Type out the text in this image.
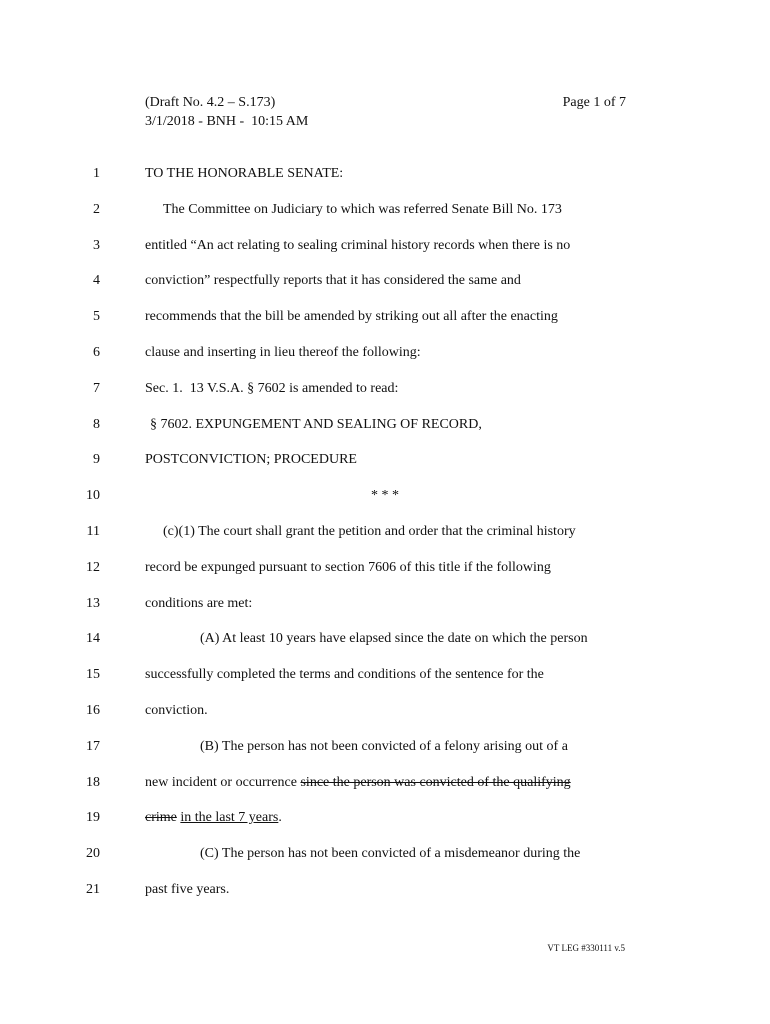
(Draft No. 4.2 – S.173)
3/1/2018 - BNH -  10:15 AM
Page 1 of 7
1	TO THE HONORABLE SENATE:
2	The Committee on Judiciary to which was referred Senate Bill No. 173
3	entitled “An act relating to sealing criminal history records when there is no
4	conviction” respectfully reports that it has considered the same and
5	recommends that the bill be amended by striking out all after the enacting
6	clause and inserting in lieu thereof the following:
7	Sec. 1.  13 V.S.A. § 7602 is amended to read:
8	§ 7602. EXPUNGEMENT AND SEALING OF RECORD,
9	POSTCONVICTION; PROCEDURE
10	* * *
11	(c)(1) The court shall grant the petition and order that the criminal history
12	record be expunged pursuant to section 7606 of this title if the following
13	conditions are met:
14	(A) At least 10 years have elapsed since the date on which the person
15	successfully completed the terms and conditions of the sentence for the
16	conviction.
17	(B) The person has not been convicted of a felony arising out of a
18	new incident or occurrence since the person was convicted of the qualifying
19	crime in the last 7 years.
20	(C) The person has not been convicted of a misdemeanor during the
21	past five years.
VT LEG #330111 v.5
